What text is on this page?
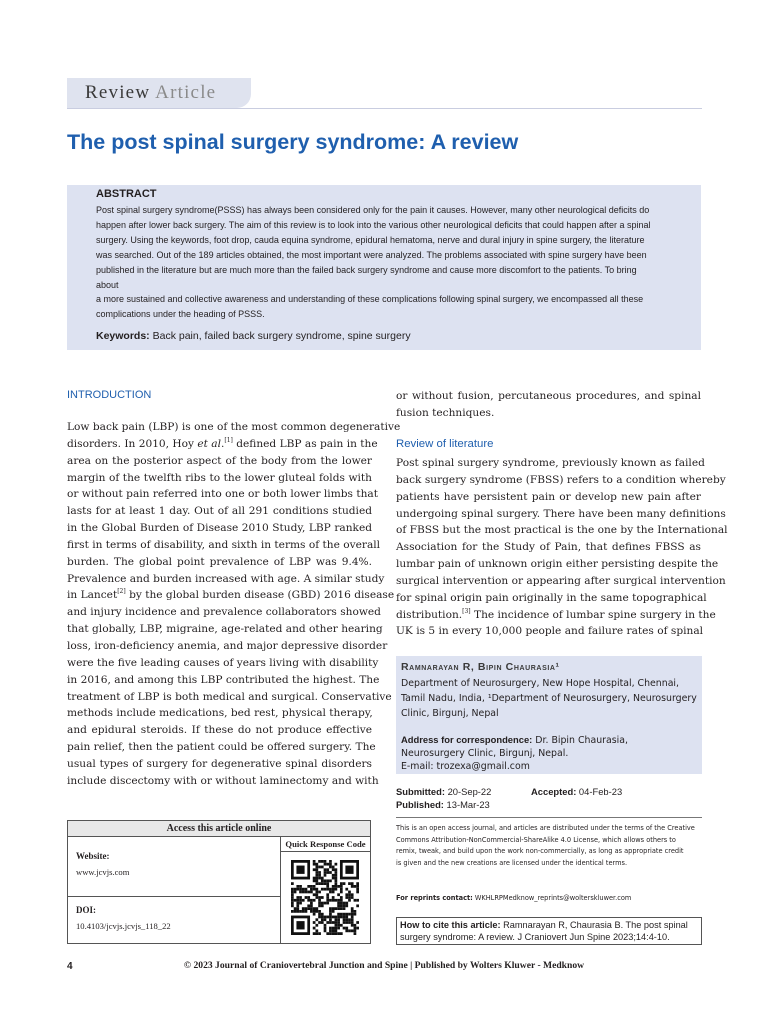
Review Article
The post spinal surgery syndrome: A review
ABSTRACT
Post spinal surgery syndrome(PSSS) has always been considered only for the pain it causes. However, many other neurological deficits do
happen after lower back surgery. The aim of this review is to look into the various other neurological deficits that could happen after a spinal
surgery. Using the keywords, foot drop, cauda equina syndrome, epidural hematoma, nerve and dural injury in spine surgery, the literature
was searched. Out of the 189 articles obtained, the most important were analyzed. The problems associated with spine surgery have been
published in the literature but are much more than the failed back surgery syndrome and cause more discomfort to the patients. To bring about
a more sustained and collective awareness and understanding of these complications following spinal surgery, we encompassed all these
complications under the heading of PSSS.
Keywords: Back pain, failed back surgery syndrome, spine surgery
INTRODUCTION
Low back pain (LBP) is one of the most common degenerative
disorders. In 2010, Hoy et al.[1] defined LBP as pain in the
area on the posterior aspect of the body from the lower
margin of the twelfth ribs to the lower gluteal folds with
or without pain referred into one or both lower limbs that
lasts for at least 1 day. Out of all 291 conditions studied
in the Global Burden of Disease 2010 Study, LBP ranked
first in terms of disability, and sixth in terms of the overall
burden. The global point prevalence of LBP was 9.4%.
Prevalence and burden increased with age. A similar study
in Lancet[2] by the global burden disease (GBD) 2016 disease
and injury incidence and prevalence collaborators showed
that globally, LBP, migraine, age-related and other hearing
loss, iron-deficiency anemia, and major depressive disorder
were the five leading causes of years living with disability
in 2016, and among this LBP contributed the highest. The
treatment of LBP is both medical and surgical. Conservative
methods include medications, bed rest, physical therapy,
and epidural steroids. If these do not produce effective
pain relief, then the patient could be offered surgery. The
usual types of surgery for degenerative spinal disorders
include discectomy with or without laminectomy and with
or without fusion, percutaneous procedures, and spinal
fusion techniques.
Review of literature
Post spinal surgery syndrome, previously known as failed
back surgery syndrome (FBSS) refers to a condition whereby
patients have persistent pain or develop new pain after
undergoing spinal surgery. There have been many definitions
of FBSS but the most practical is the one by the International
Association for the Study of Pain, that defines FBSS as
lumbar pain of unknown origin either persisting despite the
surgical intervention or appearing after surgical intervention
for spinal origin pain originally in the same topographical
distribution.[3] The incidence of lumbar spine surgery in the
UK is 5 in every 10,000 people and failure rates of spinal
Ramnarayan R, Bipin Chaurasia¹
Department of Neurosurgery, New Hope Hospital, Chennai,
Tamil Nadu, India, ¹Department of Neurosurgery, Neurosurgery
Clinic, Birgunj, Nepal
Address for correspondence: Dr. Bipin Chaurasia,
Neurosurgery Clinic, Birgunj, Nepal.
E-mail: trozexa@gmail.com
Submitted: 20-Sep-22	Accepted: 04-Feb-23
Published: 13-Mar-23
This is an open access journal, and articles are distributed under the terms of the Creative
Commons Attribution-NonCommercial-ShareAlike 4.0 License, which allows others to
remix, tweak, and build upon the work non-commercially, as long as appropriate credit
is given and the new creations are licensed under the identical terms.
For reprints contact: WKHLRPMedknow_reprints@wolterskluwer.com
How to cite this article: Ramnarayan R, Chaurasia B. The post spinal
surgery syndrome: A review. J Craniovert Jun Spine 2023;14:4-10.
Access this article online
Quick Response Code
Website:
www.jcvjs.com
DOI:
10.4103/jcvjs.jcvjs_118_22
© 2023 Journal of Craniovertebral Junction and Spine | Published by Wolters Kluwer - Medknow
4
